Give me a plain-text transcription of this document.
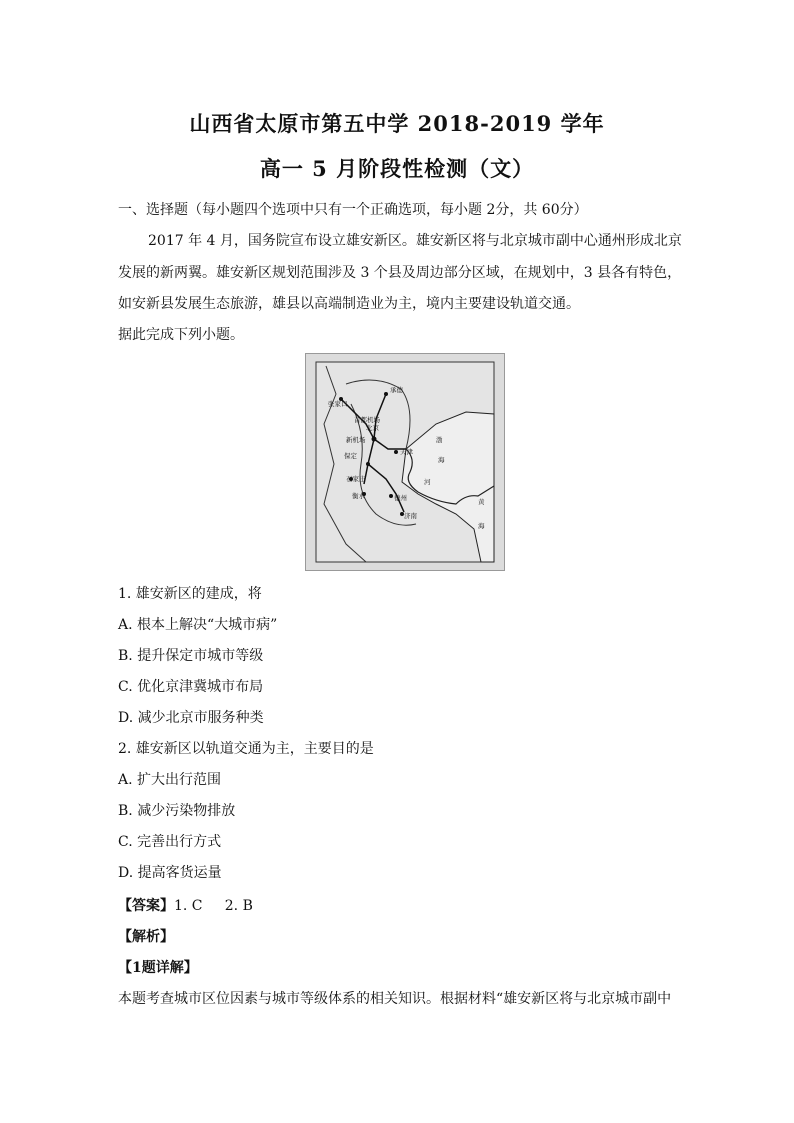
山西省太原市第五中学 2018-2019 学年
高一 5 月阶段性检测（文）
一、选择题（每小题四个选项中只有一个正确选项，每小题 2分，共 60分）
2017 年 4 月，国务院宣布设立雄安新区。雄安新区将与北京城市副中心通州形成北京
发展的新两翼。雄安新区规划范围涉及 3 个县及周边部分区域，在规划中，3 县各有特色，
如安新县发展生态旅游，雄县以高端制造业为主，境内主要建设轨道交通。
据此完成下列小题。
张家口
承德
首都机场
北京
新机场
保定	天津
石家庄
衡水	德州
济南
渤
海
黄
海
河
1. 雄安新区的建成，将
A. 根本上解决“大城市病”
B. 提升保定市城市等级
C. 优化京津冀城市布局
D. 减少北京市服务种类
2. 雄安新区以轨道交通为主，主要目的是
A. 扩大出行范围
B. 减少污染物排放
C. 完善出行方式
D. 提高客货运量
【答案】1. C     2. B
【解析】
【1题详解】
本题考查城市区位因素与城市等级体系的相关知识。根据材料“雄安新区将与北京城市副中
